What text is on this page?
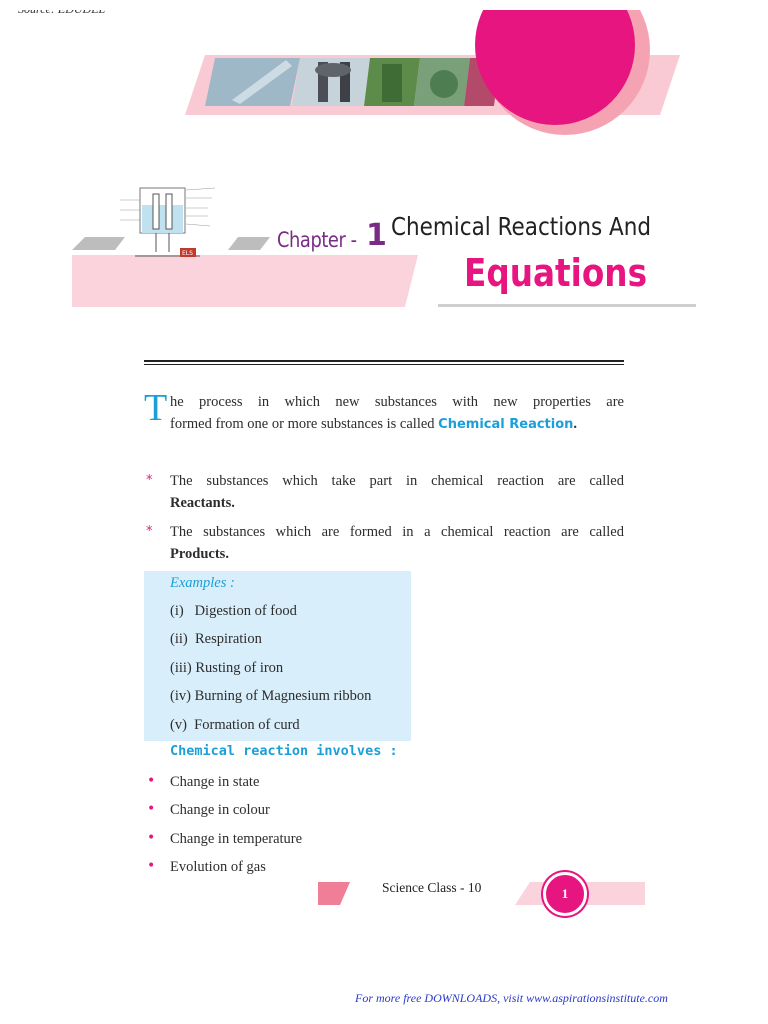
ELS
Chapter - 1 Chemical Reactions And
Equations
T he process in which new substances with new properties are
formed from one or more substances is called Chemical Reaction.
* The substances which take part in chemical reaction are called
Reactants.
* The substances which are formed in a chemical reaction are called
Products.
Examples :
(i) Digestion of food
(ii) Respiration
(iii) Rusting of iron
(iv) Burning of Magnesium ribbon
(v) Formation of curd
Chemical reaction involves :
• Change in state
• Change in colour
• Change in temperature
• Evolution of gas
Science Class - 10	1
For more free DOWNLOADS, visit www.aspirationsinstitute.com
